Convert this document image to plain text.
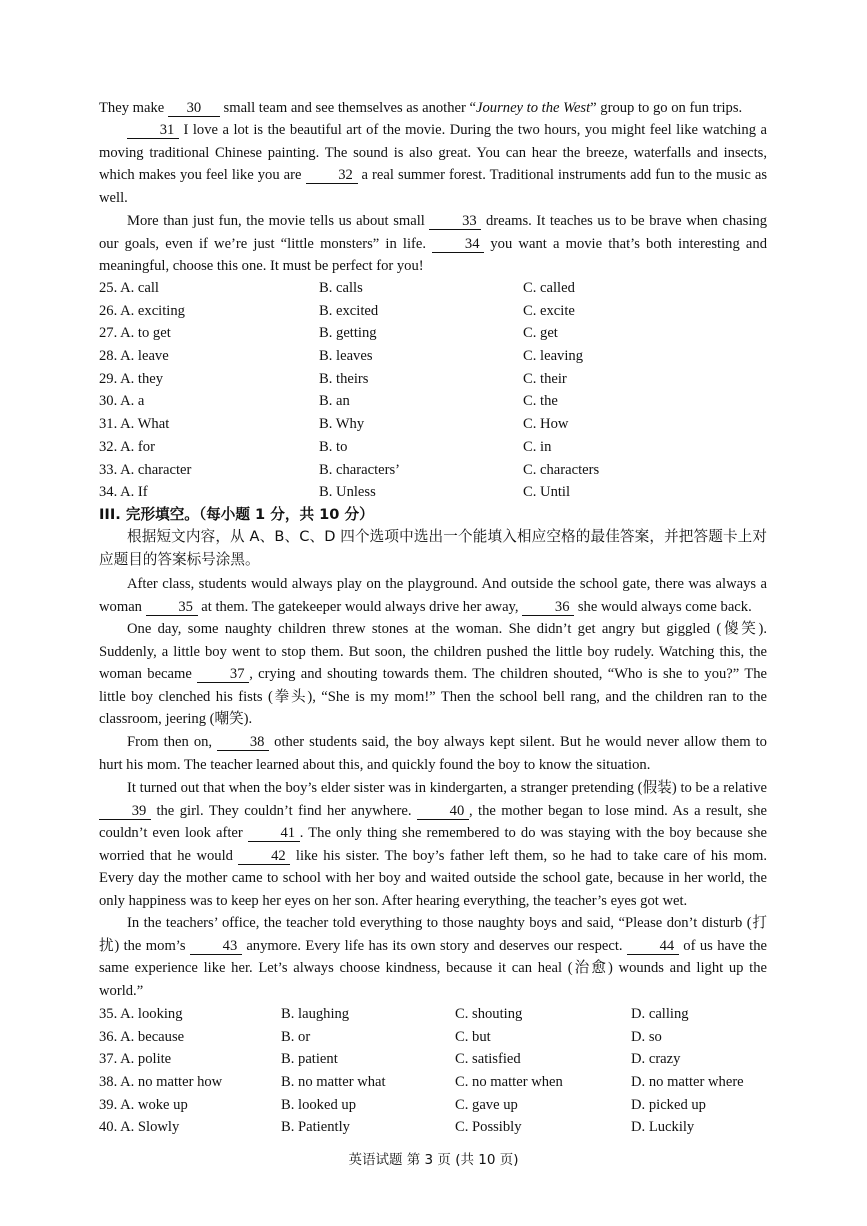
They make 30 small team and see themselves as another “Journey to the West” group to go on fun trips.

31 I love a lot is the beautiful art of the movie. During the two hours, you might feel like watching a moving traditional Chinese painting. The sound is also great. You can hear the breeze, waterfalls and insects, which makes you feel like you are 32 a real summer forest. Traditional instruments add fun to the music as well.

More than just fun, the movie tells us about small 33 dreams. It teaches us to be brave when chasing our goals, even if we’re just “little monsters” in life. 34 you want a movie that’s both interesting and meaningful, choose this one. It must be perfect for you!

25. A. call	B. calls	C. called
26. A. exciting	B. excited	C. excite
27. A. to get	B. getting	C. get
28. A. leave	B. leaves	C. leaving
29. A. they	B. theirs	C. their
30. A. a	B. an	C. the
31. A. What	B. Why	C. How
32. A. for	B. to	C. in
33. A. character	B. characters’	C. characters
34. A. If	B. Unless	C. Until
III. 完形填空。（每小题 1 分，共 10 分）

根据短文内容，从 A、B、C、D 四个选项中选出一个能填入相应空格的最佳答案，并把答题卡上对应题目的答案标号涂黑。

After class, students would always play on the playground. And outside the school gate, there was always a woman 35 at them. The gatekeeper would always drive her away, 36 she would always come back.

One day, some naughty children threw stones at the woman. She didn’t get angry but giggled (傻笑). Suddenly, a little boy went to stop them. But soon, the children pushed the little boy rudely. Watching this, the woman became 37 , crying and shouting towards them. The children shouted, “Who is she to you?” The little boy clenched his fists (拳头), “She is my mom!” Then the school bell rang, and the children ran to the classroom, jeering (嘲笑).

From then on, 38 other students said, the boy always kept silent. But he would never allow them to hurt his mom. The teacher learned about this, and quickly found the boy to know the situation.

It turned out that when the boy’s elder sister was in kindergarten, a stranger pretending (假装) to be a relative 39 the girl. They couldn’t find her anywhere. 40 , the mother began to lose mind. As a result, she couldn’t even look after 41 . The only thing she remembered to do was staying with the boy because she worried that he would 42 like his sister. The boy’s father left them, so he had to take care of his mom. Every day the mother came to school with her boy and waited outside the school gate, because in her world, the only happiness was to keep her eyes on her son. After hearing everything, the teacher’s eyes got wet.

In the teachers’ office, the teacher told everything to those naughty boys and said, “Please don’t disturb (打扰) the mom’s 43 anymore. Every life has its own story and deserves our respect. 44 of us have the same experience like her. Let’s always choose kindness, because it can heal (治愈) wounds and light up the world.”

35. A. looking	B. laughing	C. shouting	D. calling
36. A. because	B. or	C. but	D. so
37. A. polite	B. patient	C. satisfied	D. crazy
38. A. no matter how	B. no matter what	C. no matter when	D. no matter where
39. A. woke up	B. looked up	C. gave up	D. picked up
40. A. Slowly	B. Patiently	C. Possibly	D. Luckily
英语试题 第 3 页 (共 10 页)
